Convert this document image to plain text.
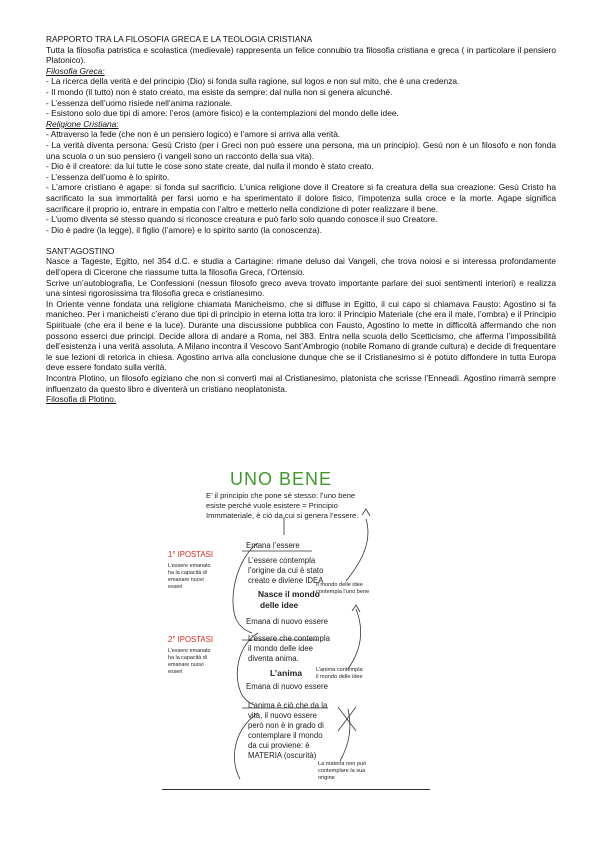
RAPPORTO TRA LA FILOSOFIA GRECA E LA TEOLOGIA CRISTIANA

Tutta la filosofia patristica e scolastica (medievale) rappresenta un felice connubio tra filosofia cristiana e greca ( in particolare il pensiero Platonico).

Filosofia Greca:

- La ricerca della verità e del principio (Dio) si fonda sulla ragione, sul logos e non sul mito, che è una credenza.

- Il mondo (il tutto) non è stato creato, ma esiste da sempre: dal nulla non si genera alcunché.

- L’essenza dell’uomo risiede nell’anima razionale.

- Esistono solo due tipi di amore: l’eros (amore fisico) e la contemplazioni del mondo delle idee.

Religione Cristiana:

- Attraverso la fede (che non è un pensiero logico) e l’amore si arriva alla verità.

- La verità diventa persona: Gesù Cristo (per i Greci non può essere una persona, ma un principio). Gesù non è un filosofo e non fonda una scuola o un suo pensiero (i vangeli sono un racconto della sua vita).

- Dio è il creatore: da lui tutte le cose sono state create, dal nulla il mondo è stato creato.

- L’essenza dell’uomo è lo spirito.

- L’amore cristiano è agape: si fonda sul sacrificio. L’unica religione dove il Creatore si fa creatura della sua creazione: Gesù Cristo ha sacrificato la sua immortalità per farsi uomo e ha sperimentato il dolore fisico, l’impotenza sulla croce e la morte. Agape significa sacrificare il proprio io, entrare in empatia con l’altro e metterlo nella condizione di poter realizzare il bene.

- L’uomo diventa sé stesso quando si riconosce creatura e può farlo solo quando conosce il suo Creatore.

- Dio è padre (la legge), il figlio (l’amore) e lo spirito santo (la conoscenza).

SANT’AGOSTINO

Nasce a Tageste, Egitto, nel 354 d.C. e studia a Cartagine: rimane deluso dai Vangeli, che trova noiosi e si interessa profondamente dell’opera di Cicerone che riassume tutta la filosofia Greca, l’Ortensio.

Scrive un’autobiografia, Le Confessioni (nessun filosofo greco aveva trovato importante parlare dei suoi sentimenti interiori) e realizza una sintesi rigorosissima tra filosofia greca e cristianesimo.

In Oriente venne fondata una religione chiamata Manicheismo, che si diffuse in Egitto, il cui capo si chiamava Fausto: Agostino si fa manicheo. Per i manicheisti c’erano due tipi di principio in eterna lotta tra loro: il Principio Materiale (che era il male, l’ombra) e il Principio Spirituale (che era il bene e la luce). Durante una discussione pubblica con Fausto, Agostino lo mette in difficoltà affermando che non possono esserci due principi. Decide allora di andare a Roma, nel 383. Entra nella scuola dello Scetticismo, che afferma l’impossibilità dell’esistenza i una verità assoluta. A Milano incontra il Vescovo Sant’Ambrogio (nobile Romano di grande cultura) e decide di frequentare le sue lezioni di retorica in chiesa. Agostino arriva alla conclusione dunque che se il Cristianesimo si è potuto diffondere in tutta Europa deve essere fondato sulla verità.

Incontra Plotino, un filosofo egiziano che non si convertì mai al Cristianesimo, platonista che scrisse l’Enneadi. Agostino rimarrà sempre influenzato da questo libro e diventerà un cristiano neoplatonista.

Filosofia di Plotino.

UNO BENE
E’ il principio che pone sé stesso: l’uno bene
esiste perché vuole esistere = Principio
Immmateriale, è ciò da cui si genera l’essere.
Emana l’essere
L’essere contempla
l’origine da cui è stato
creato e diviene IDEA
Nasce il mondo
delle idee
Emana di nuovo essere
L’essere che contempla
il mondo delle idee
diventa anima.
L’anima
Emana di nuovo essere
L’anima è ciò che da la
vita, il nuovo essere
però non è in grado di
contemplare il mondo
da cui proviene: è
MATERIA (oscurità)
1° IPOSTASI
L’essere emanato
ha la capacità di
emanare nuovi
esseri
2° IPOSTASI
L’essere emanato
ha la capacità di
emanare nuovi
esseri
Il mondo delle idee
contempla l’uno bene
L’anima contempla
il mondo delle idee
La materia non può
contemplare la sua
origine
